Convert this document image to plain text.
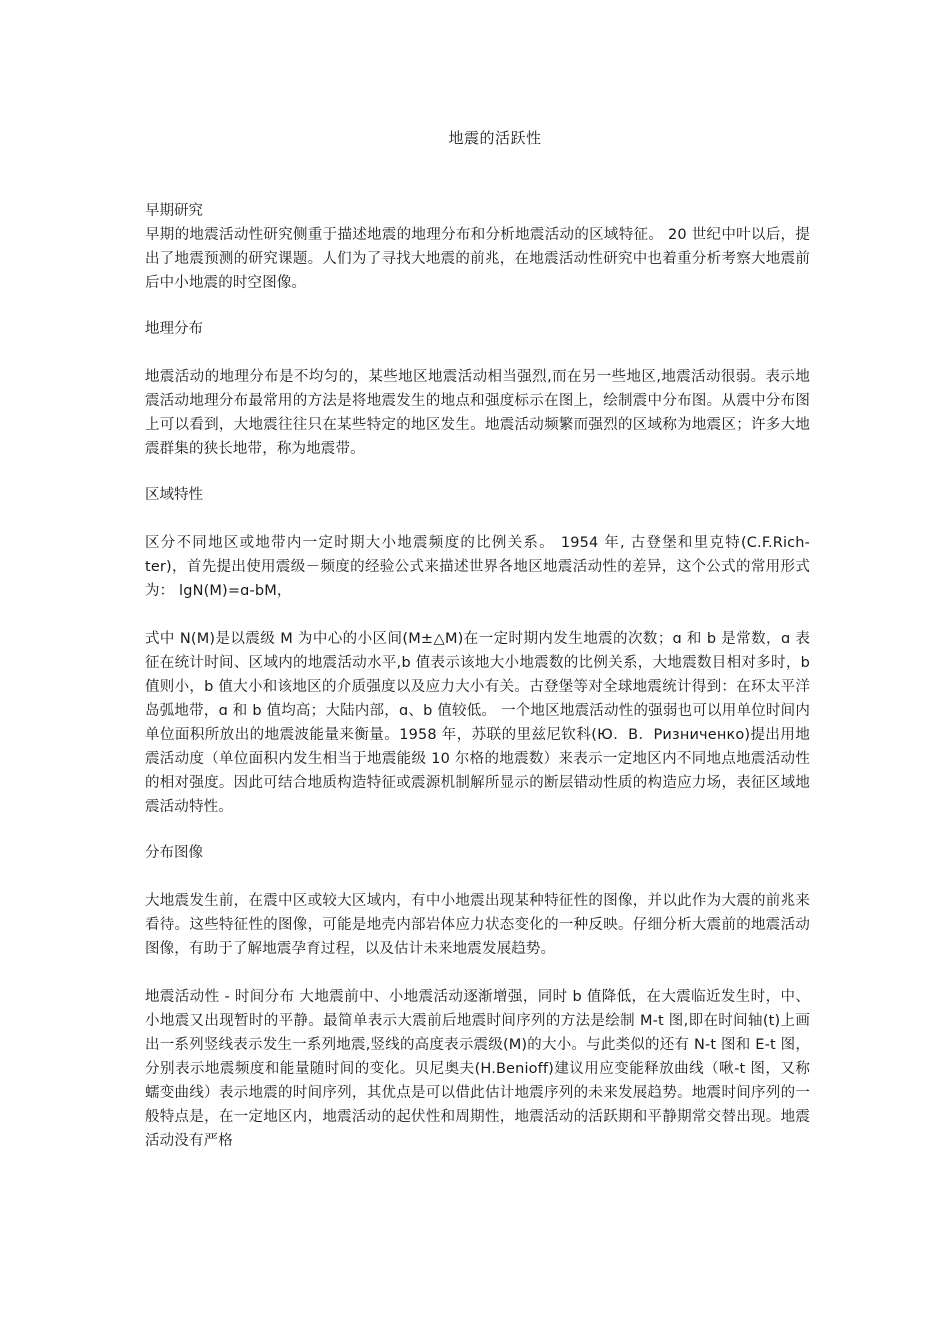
地震的活跃性

早期研究

早期的地震活动性研究侧重于描述地震的地理分布和分析地震活动的区域特征。 20 世纪中叶以后，提出了地震预测的研究课题。人们为了寻找大地震的前兆，在地震活动性研究中也着重分析考察大地震前后中小地震的时空图像。

地理分布

地震活动的地理分布是不均匀的，某些地区地震活动相当强烈,而在另一些地区,地震活动很弱。表示地震活动地理分布最常用的方法是将地震发生的地点和强度标示在图上，绘制震中分布图。从震中分布图上可以看到，大地震往往只在某些特定的地区发生。地震活动频繁而强烈的区域称为地震区；许多大地震群集的狭长地带，称为地震带。

区域特性

区分不同地区或地带内一定时期大小地震频度的比例关系。 1954 年, 古登堡和里克特(C.F.Rich-ter)，首先提出使用震级－频度的经验公式来描述世界各地区地震活动性的差异，这个公式的常用形式为： lgN(M)=ɑ-bM，

式中 N(M)是以震级 M 为中心的小区间(M±△M)在一定时期内发生地震的次数；ɑ 和 b 是常数，ɑ 表征在统计时间、区域内的地震活动水平,b 值表示该地大小地震数的比例关系，大地震数目相对多时，b 值则小，b 值大小和该地区的介质强度以及应力大小有关。古登堡等对全球地震统计得到：在环太平洋岛弧地带，ɑ 和 b 值均高；大陆内部，ɑ、b 值较低。 一个地区地震活动性的强弱也可以用单位时间内单位面积所放出的地震波能量来衡量。1958 年，苏联的里兹尼钦科(Ю．В．Ризниченко)提出用地震活动度（单位面积内发生相当于地震能级 10 尔格的地震数）来表示一定地区内不同地点地震活动性的相对强度。因此可结合地质构造特征或震源机制解所显示的断层错动性质的构造应力场，表征区域地震活动特性。

分布图像

大地震发生前，在震中区或较大区域内，有中小地震出现某种特征性的图像，并以此作为大震的前兆来看待。这些特征性的图像，可能是地壳内部岩体应力状态变化的一种反映。仔细分析大震前的地震活动图像，有助于了解地震孕育过程，以及估计未来地震发展趋势。

地震活动性 - 时间分布 大地震前中、小地震活动逐渐增强，同时 b 值降低，在大震临近发生时，中、小地震又出现暂时的平静。最简单表示大震前后地震时间序列的方法是绘制 M-t 图,即在时间轴(t)上画出一系列竖线表示发生一系列地震,竖线的高度表示震级(M)的大小。与此类似的还有 N-t 图和 E-t 图，分别表示地震频度和能量随时间的变化。贝尼奥夫(H.Benioff)建议用应变能释放曲线（啾-t 图，又称蠕变曲线）表示地震的时间序列，其优点是可以借此估计地震序列的未来发展趋势。地震时间序列的一般特点是，在一定地区内，地震活动的起伏性和周期性，地震活动的活跃期和平静期常交替出现。地震活动没有严格
